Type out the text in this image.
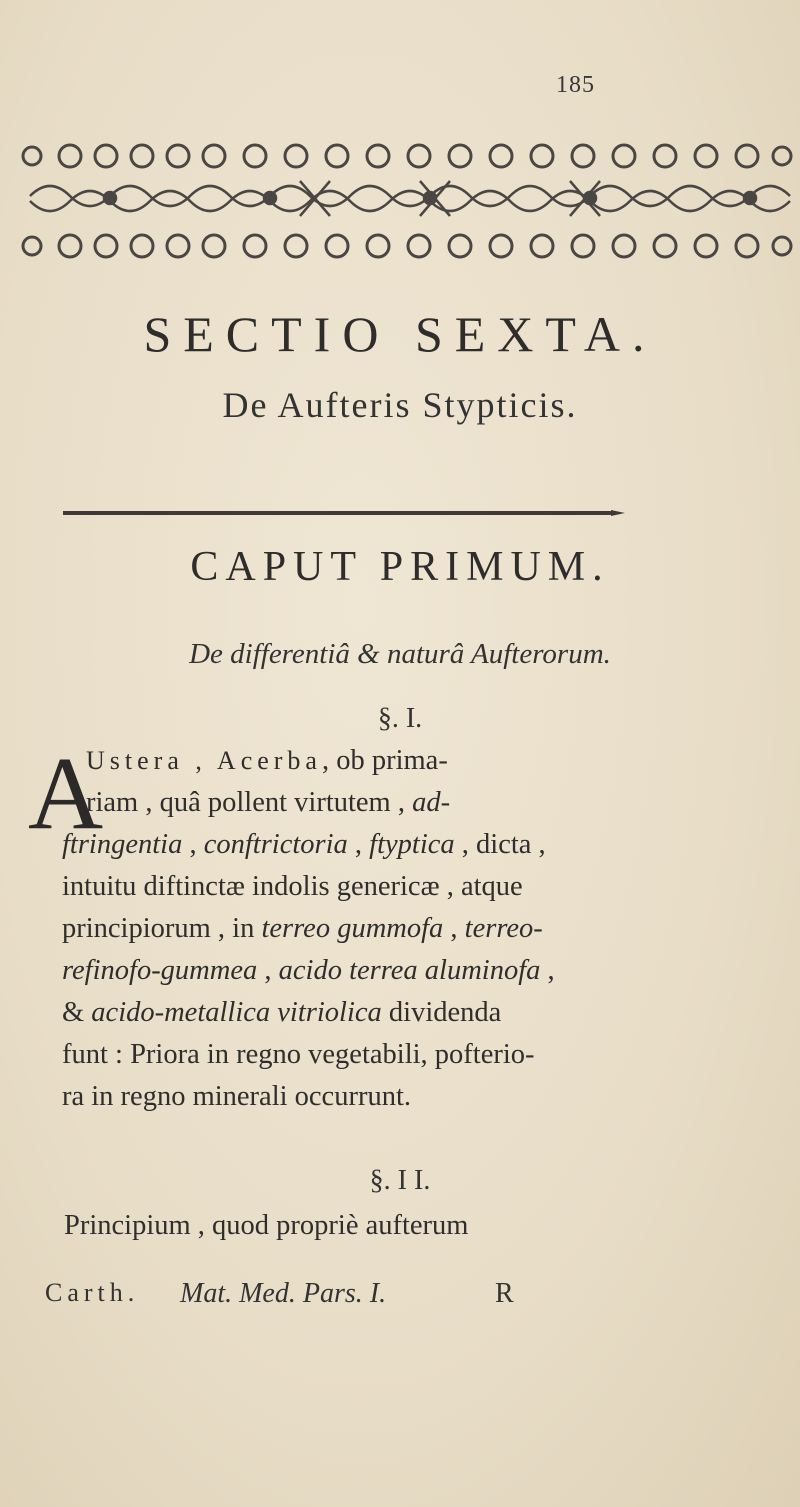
185
SECTIO SEXTA.
De Aufteris Stypticis.
CAPUT PRIMUM.
De differentiâ & naturâ Aufterorum.
§. I.
A
Ustera , Acerba, ob prima-
riam , quâ pollent virtutem , ad-
ftringentia , conftrictoria , ftyptica , dicta ,
intuitu diftinctæ indolis genericæ , atque
principiorum , in terreo gummofa , terreo-
refinofo-gummea , acido terrea aluminofa ,
& acido-metallica vitriolica dividenda
funt : Priora in regno vegetabili, pofterio-
ra in regno minerali occurrunt.
§. I I.
Principium , quod propriè aufterum
Carth. Mat. Med. Pars. I.	R
